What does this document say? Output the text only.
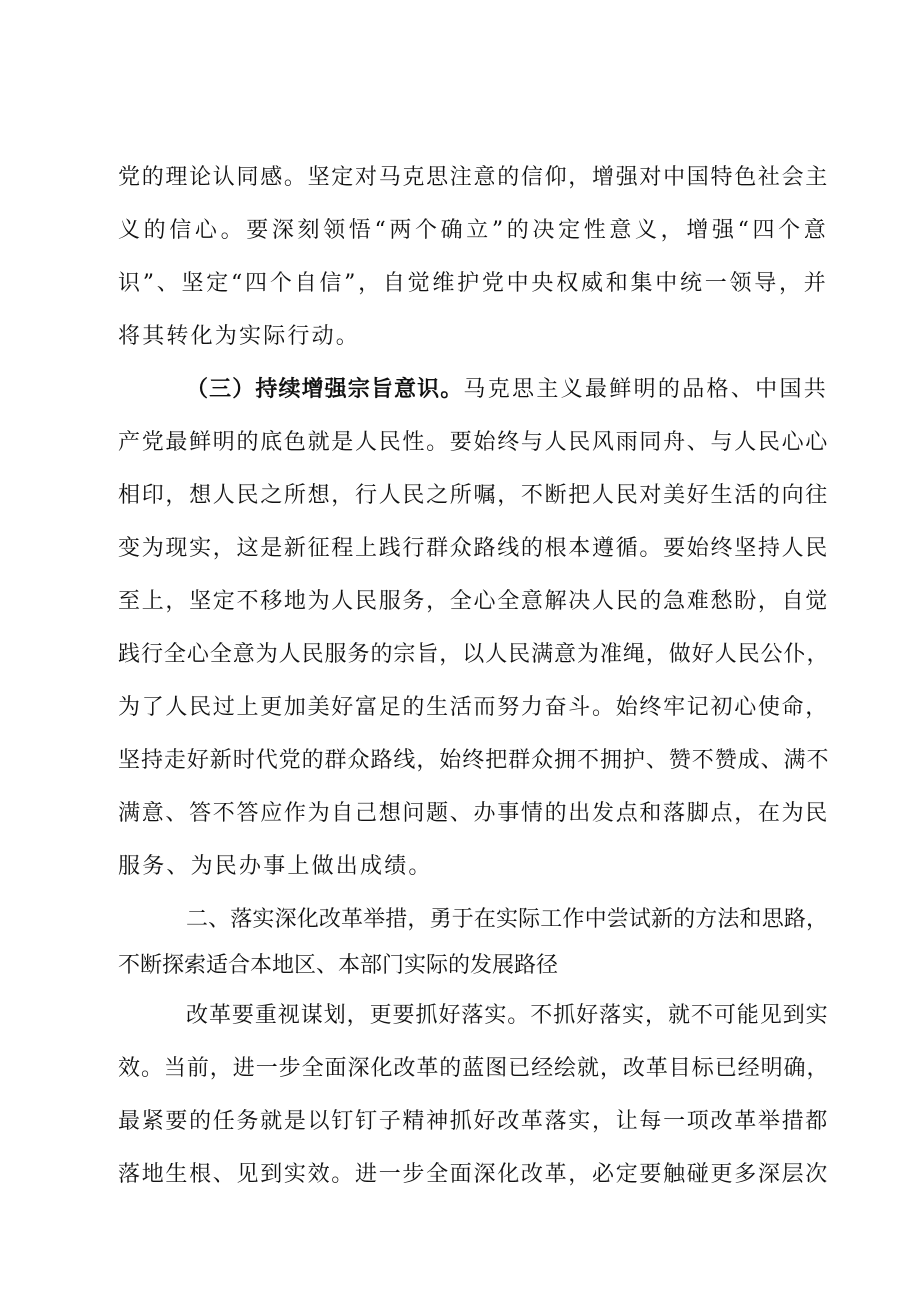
党的理论认同感。坚定对马克思注意的信仰，增强对中国特色社会主
义的信心。要深刻领悟“两个确立”的决定性意义，增强“四个意
识”、坚定“四个自信”，自觉维护党中央权威和集中统一领导，并
将其转化为实际行动。
（三）持续增强宗旨意识。马克思主义最鲜明的品格、中国共
产党最鲜明的底色就是人民性。要始终与人民风雨同舟、与人民心心
相印，想人民之所想，行人民之所嘱，不断把人民对美好生活的向往
变为现实，这是新征程上践行群众路线的根本遵循。要始终坚持人民
至上，坚定不移地为人民服务，全心全意解决人民的急难愁盼，自觉
践行全心全意为人民服务的宗旨，以人民满意为准绳，做好人民公仆，
为了人民过上更加美好富足的生活而努力奋斗。始终牢记初心使命，
坚持走好新时代党的群众路线，始终把群众拥不拥护、赞不赞成、满不
满意、答不答应作为自己想问题、办事情的出发点和落脚点，在为民
服务、为民办事上做出成绩。
二、落实深化改革举措，勇于在实际工作中尝试新的方法和思路，
不断探索适合本地区、本部门实际的发展路径
改革要重视谋划，更要抓好落实。不抓好落实，就不可能见到实
效。当前，进一步全面深化改革的蓝图已经绘就，改革目标已经明确，
最紧要的任务就是以钉钉子精神抓好改革落实，让每一项改革举措都
落地生根、见到实效。进一步全面深化改革，必定要触碰更多深层次
